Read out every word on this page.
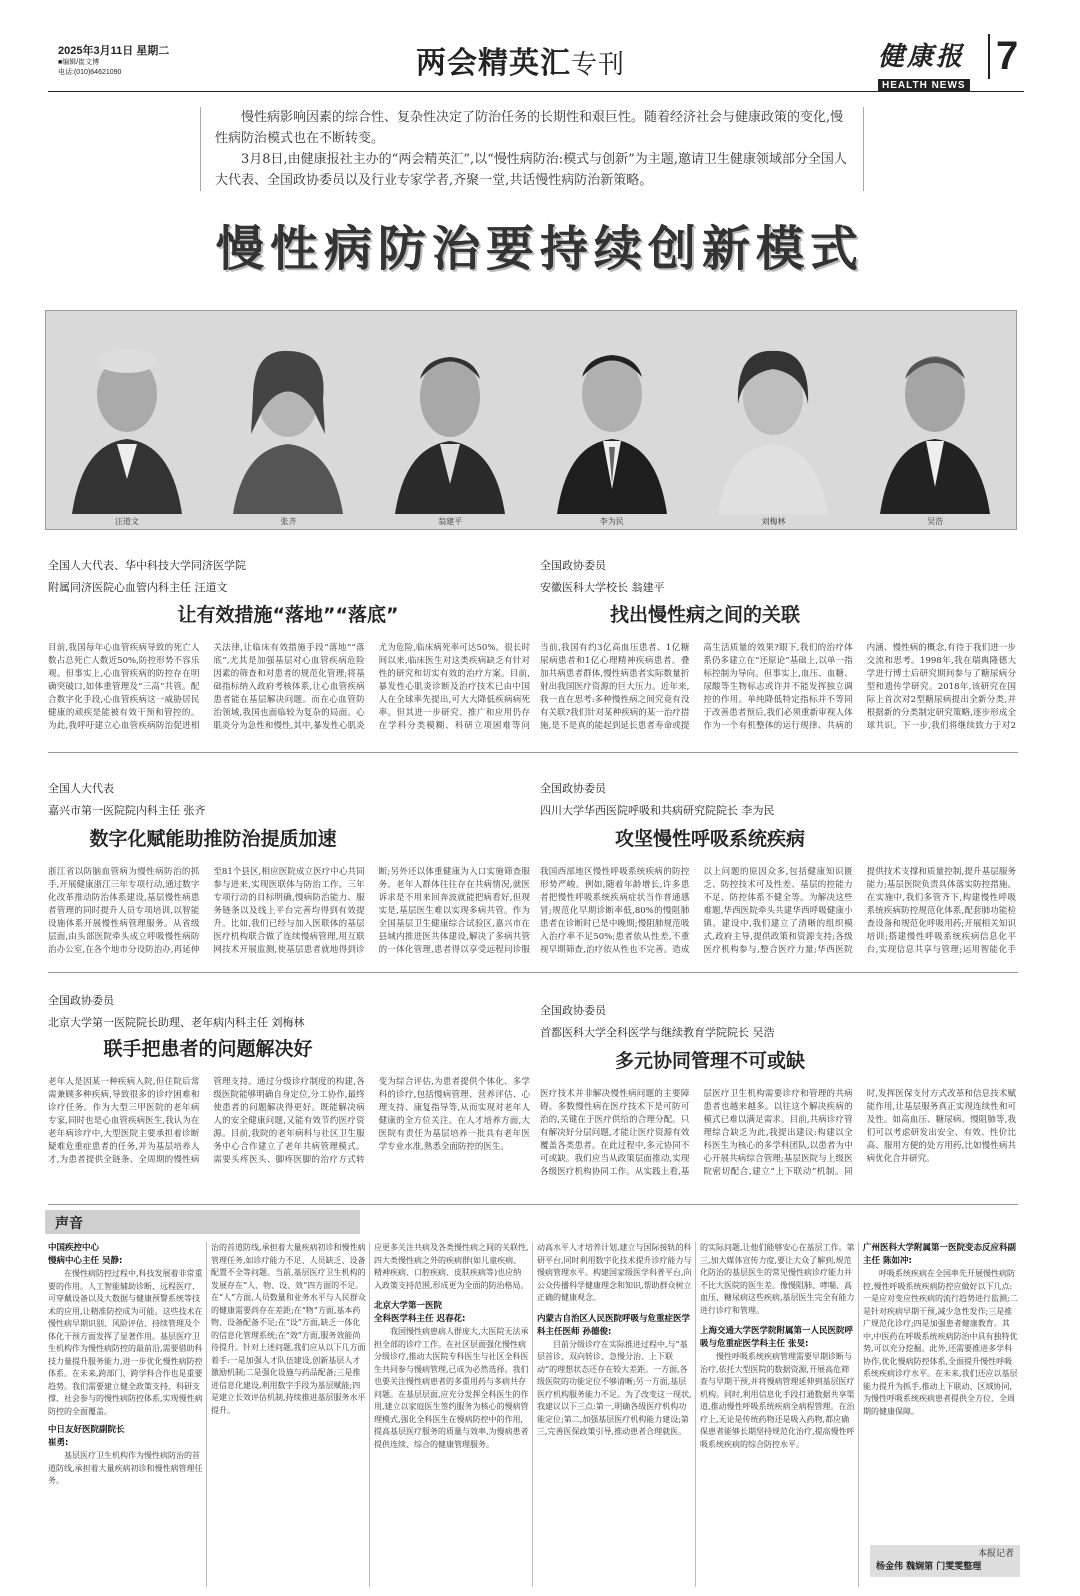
2025年3月11日 星期二
■编辑/崔文博
电话:(010)64621090	两会精英汇专刊	健康报
HEALTH NEWS
7

慢性病影响因素的综合性、复杂性决定了防治任务的长期性和艰巨性。随着经济社会与健康政策的变化,慢性病防治模式也在不断转变。

3月8日,由健康报社主办的“两会精英汇”,以“慢性病防治:模式与创新”为主题,邀请卫生健康领域部分全国人大代表、全国政协委员以及行业专家学者,齐聚一堂,共话慢性病防治新策略。

慢性病防治要持续创新模式
汪道文	张齐	翁建平	李为民	刘梅林	吴浩
全国人大代表、华中科技大学同济医学院
附属同济医院心血管内科主任 汪道文
让有效措施“落地”“落底”
目前,我国每年心血管疾病导致的死亡人数占总死亡人数近50%,防控形势不容乐观。但事实上,心血管疾病的防控存在明确突破口,如体重管理及“三高”共管。配合数字化手段,心血管疾病这一威胁居民健康的顽疾是能被有效干预和管控的。为此,我呼吁建立心血管疾病防治促进相关法律,让临床有效措施手段“落地”“落底”,尤其是加强基层对心血管疾病危险因素的筛查和对患者的规范化管理;将基础指标纳入政府考核体系,让心血管疾病患者能在基层解决问题。而在心血管防治领域,我国也面临较为复杂的局面。心肌炎分为急性和慢性,其中,暴发性心肌炎尤为危险,临床病死率可达50%。很长时间以来,临床医生对这类疾病缺乏有针对性的研究和切实有效的治疗方案。目前,暴发性心肌炎诊断及治疗技术已由中国人在全球率先提出,可大大降低疾病病死率。但其进一步研究、推广和应用仍存在学科分类模糊、科研立项困难等问
全国政协委员
安徽医科大学校长 翁建平
找出慢性病之间的关联
当前,我国有约3亿高血压患者、1亿糖尿病患者和1亿心理精神疾病患者。叠加共病患者群体,慢性病患者实际数量折射出我国医疗资源的巨大压力。近年来,我一直在思考:多种慢性病之间究竟有没有关联?我们针对某种疾病的某一治疗措施,是不是真的能起到延长患者寿命或提高生活质量的效果?眼下,我们的治疗体系仍多建立在“还原论”基础上,以单一指标控制为导向。但事实上,血压、血糖、尿酸等生物标志或许并不能发挥独立调控的作用。单纯降低特定指标并不等同于改善患者预后,我们必须重新审视人体作为一个有机整体的运行规律、共病的内涵、慢性病的概念,有待于我们进一步交流和思考。1998年,我在瑞典隆德大学进行博士后研究期间参与了糖尿病分型和遗传学研究。2018年,该研究在国际上首次对2型糖尿病提出全新分类,并根据新的分类制定研究策略,逐步形成全球共识。下一步,我们将继续致力于对2
全国人大代表
嘉兴市第一医院院内科主任 张齐
数字化赋能助推防治提质加速
浙江省以防脑血管病为慢性病防治的抓手,开展健康浙江三年专项行动,通过数字化改革推动防治体系建设,基层慢性病患者管理的同时提升人员专项培训,以智能设施体系开展慢性病管理服务。从省级层面,由头部医院牵头成立呼吸慢性病防治办公室,在各个地市分设防治办,再延伸至81个县区,相应医院成立医疗中心共同参与进来,实现医联体与防治工作。三年专项行动的目标明确,慢病防治能力、服务链条以及线上平台完善均得到有效提升。比如,我们已经与加入医联体的基层医疗机构联合做了连续慢病管理,用互联网技术开展监测,使基层患者就地得到诊断;另外还以体重健康为入口实施筛查服务。老年人群体往往存在共病情况,就医诉求是不用来回奔波就能把病看好,但现实是,基层医生难以实现多病共管。作为全国基层卫生健康综合试验区,嘉兴市在县域内推进医共体建设,解决了多病共管的一体化管理,患者得以享受远程问诊服
全国政协委员
四川大学华西医院呼吸和共病研究院院长 李为民
攻坚慢性呼吸系统疾病
我国西部地区慢性呼吸系统疾病的防控形势严峻。例如,随着年龄增长,许多患者把慢性呼吸系统疾病症状当作普通感冒;规范化早期诊断率低,80%的慢阻肺患者在诊断时已是中晚期;慢阻肺规范吸入治疗率不足50%;患者依从性差,不重视早期筛查,治疗依从性也不完善。造成以上问题的原因众多,包括健康知识匮乏、防控技术可及性差、基层的控能力不足、防控体系不健全等。为解决这些难题,华西医院牵头共建华西呼吸健康小镇。建设中,我们建立了清晰的组织模式,政府主导,提供政策和资源支持;各级医疗机构参与,整合医疗力量;华西医院提供技术支撑和质量控制,提升基层服务能力;基层医院负责具体落实防控措施。在实施中,我们多管齐下,构建慢性呼吸系统疾病防控规范化体系,配套肺功能检查设备和规范化呼吸用药;开展相关知识培训;搭建慢性呼吸系统疾病信息化平台,实现信息共享与管理;运用智能化手
全国政协委员
北京大学第一医院院长助理、老年病内科主任 刘梅林
联手把患者的问题解决好
老年人是因某一种疾病入院,但住院后常需兼顾多种疾病,导致很多的诊疗困难和诊疗任务。作为大型三甲医院的老年病专家,同时也是心血管疾病医生,我认为在老年病诊疗中,大型医院主要承担着诊断疑难危重症患者的任务,并为基层培养人才,为患者提供全链条、全周期的慢性病管理支持。通过分级诊疗制度的构建,各级医院能够明确自身定位,分工协作,最终使患者的问题解决得更好。既能解决病人的安全健康问题,又能有效节约医疗资源。目前,我院的老年病科与社区卫生服务中心合作建立了老年共病管理模式。需要头疼医头、脚疼医脚的治疗方式转变为综合评估,为患者提供个体化、多学科的诊疗,包括慢病管理、营养评估、心理支持、康复指导等,从而实现对老年人健康的全方位关注。在人才培养方面,大医院有责任为基层培养一批具有老年医学专业水准,熟悉全面防控的医生。
全国政协委员
首都医科大学全科医学与继续教育学院院长 吴浩
多元协同管理不可或缺
医疗技术并非解决慢性病问题的主要障碍。多数慢性病在医疗技术下是可防可治的,关键在于医疗供给的合理分配。只有解决好分层问题,才能让医疗资源有效覆盖各类患者。在此过程中,多元协同不可或缺。我们应当从政策层面推动,实现各级医疗机构协同工作。从实践上看,基层医疗卫生机构需要诊疗和管理的共病患者也越来越多。以往这个解决疾病的模式已难以满足需求。目前,共病诊疗管理综合缺乏为此,我提出建议:构建以全科医生为核心的多学科团队,以患者为中心开展共病综合管理;基层医院与上级医院密切配合,建立“上下联动”机制。同时,发挥医保支付方式改革和信息技术赋能作用,让基层服务真正实现连续性和可及性。如高血压、糖尿病、慢阻肺等,我们可以考虑研发出安全、有效、性价比高、服用方便的处方用药,比如慢性病共病优化合并研究。
声音
中国疾控中心
慢病中心主任 吴静:
在慢性病防控过程中,科技发展着非常重要的作用。人工智能辅助诊断、远程医疗、可穿戴设备以及大数据与健康预警系统等技术的应用,让精准防控成为可能。这些技术在慢性病早期识别、风险评估、持续管理及个体化干预方面发挥了显著作用。基层医疗卫生机构作为慢性病防控的最前沿,需要借助科技力量提升服务能力,进一步优化慢性病防控体系。在未来,跨部门、跨学科合作也是重要趋势。我们需要建立健全政策支持、科研支撑、社会参与的慢性病防控体系,实现慢性病防控的全面覆盖。
中日友好医院副院长
崔勇:
基层医疗卫生机构作为慢性病防治的首道防线,承担着大量疾病初诊和慢性病管理任务。
治的首道防线,承担着大量疾病初诊和慢性病管理任务,如诊疗能力不足、人员缺乏、设备配置不全等问题。当前,基层医疗卫生机构的发展存在“人、物、设、效”四方面的不足。在“人”方面,人员数量和业务水平与人民群众的健康需要尚存在差距;在“物”方面,基本药物、设备配备不足;在“设”方面,缺乏一体化的信息化管理系统;在“效”方面,服务效能尚待提升。针对上述问题,我们应从以下几方面着手:一是加强人才队伍建设,创新基层人才激励机制;二是强化设施与药品配备;三是推进信息化建设,利用数字手段为基层赋能;四是建立长效评估机制,持续推进基层服务水平提升。
应更多关注共病及各类慢性病之间的关联性,四大类慢性病之外的疾病群(如儿童疾病、精神疾病、口腔疾病、皮肤疾病等)也应纳入政策支持范围,形成更为全面的防治格局。
北京大学第一医院
全科医学科主任 迟春花:
我国慢性病患病人群庞大,大医院无法承担全部的诊疗工作。在社区层面强化慢性病分级诊疗,推动大医院专科医生与社区全科医生共同参与慢病管理,已成为必然选择。我们也要关注慢性病患者的多重用药与多病共存问题。在基层层面,应充分发挥全科医生的作用,建立以家庭医生签约服务为核心的慢病管理模式,强化全科医生在慢病防控中的作用,提高基层医疗服务的质量与效率,为慢病患者提供连续、综合的健康管理服务。
动高水平人才培养计划,建立与国际接轨的科研平台,同时利用数字化技术提升诊疗能力与慢病管理水平。构建国家级医学科普平台,向公众传播科学健康理念和知识,帮助群众树立正确的健康观念。
内蒙古自治区人民医院呼吸与危重症医学科主任医师 孙德俊:
目前分级诊疗在实际推进过程中,与“基层首诊、双向转诊、急慢分治、上下联动”的理想状态还存在较大差距。一方面,各级医院的功能定位不够清晰;另一方面,基层医疗机构服务能力不足。为了改变这一现状,我建议以下三点:第一,明确各级医疗机构功能定位;第二,加强基层医疗机构能力建设;第三,完善医保政策引导,推动患者合理就医。
的实际问题,让他们能够安心在基层工作。第三,加大媒体宣传力度,要让大众了解到,规范化防治的基层医生的常见慢性病诊疗能力并不比大医院的医生差。像慢阻肺、哮喘、高血压、糖尿病这些疾病,基层医生完全有能力进行诊疗和管理。
上海交通大学医学院附属第一人民医院呼吸与危重症医学科主任 张旻:
慢性呼吸系统疾病管理需要早期诊断与治疗,依托大型医院的数据资源,开展高危筛查与早期干预,并将慢病管理延伸到基层医疗机构。同时,利用信息化手段打通数据共享渠道,推动慢性呼吸系统疾病全病程管理。在治疗上,无论是传统药物还是吸入药物,都应确保患者能够长期坚持规范化治疗,提高慢性呼吸系统疾病的综合防控水平。
广州医科大学附属第一医院变态反应科副主任 陈如冲:
呼吸系统疾病在全国率先开展慢性病防控,慢性呼吸系统疾病防控应做好以下几点:一是应对变应性疾病的流行趋势进行监测;二是针对疾病早期干预,减少急性发作;三是推广规范化诊疗;四是加强患者健康教育。其中,中医药在呼吸系统疾病防治中具有独特优势,可以充分挖掘。此外,还需要推进多学科协作,优化慢病防控体系,全面提升慢性呼吸系统疾病诊疗水平。在未来,我们还应以基层能力提升为抓手,推动上下联动、区域协同,为慢性呼吸系统疾病患者提供全方位、全周期的健康保障。
本报记者
杨金伟 魏娴第 门雯雯整理
